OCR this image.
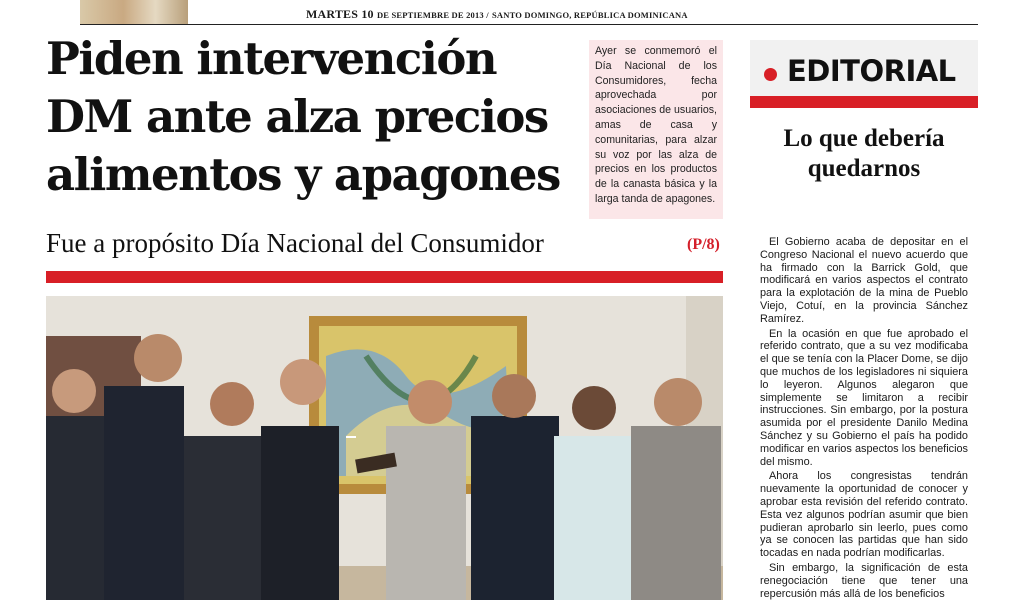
MARTES 10 DE SEPTIEMBRE DE 2013 / SANTO DOMINGO, REPÚBLICA DOMINICANA
Piden intervención
DM ante alza precios
alimentos y apagones
Ayer se conmemoró el Día Nacional de los Consumidores, fecha aprovechada por asociaciones de usuarios, amas de casa y comunitarias, para alzar su voz por las alza de precios en los productos de la canasta básica y la larga tanda de apagones.
Fue a propósito Día Nacional del Consumidor	(P/8)
EDITORIAL
Lo que debería
quedarnos

El Gobierno acaba de depositar en el Congreso Nacional el nuevo acuerdo que ha firmado con la Barrick Gold, que modificará en varios aspectos el contrato para la explotación de la mina de Pueblo Viejo, Cotuí, en la provincia Sánchez Ramírez.

En la ocasión en que fue aprobado el referido contrato, que a su vez modificaba el que se tenía con la Placer Dome, se dijo que muchos de los legisladores ni siquiera lo leyeron. Algunos alegaron que simplemente se limitaron a recibir instrucciones. Sin embargo, por la postura asumida por el presidente Danilo Medina Sánchez y su Gobierno el país ha podido modificar en varios aspectos los beneficios del mismo.

Ahora los congresistas tendrán nuevamente la oportunidad de conocer y aprobar esta revisión del referido contrato. Esta vez algunos podrían asumir que bien pudieran aprobarlo sin leerlo, pues como ya se conocen las partidas que han sido tocadas en nada podrían modificarlas.

Sin embargo, la significación de esta renegociación tiene que tener una repercusión más allá de los beneficios
